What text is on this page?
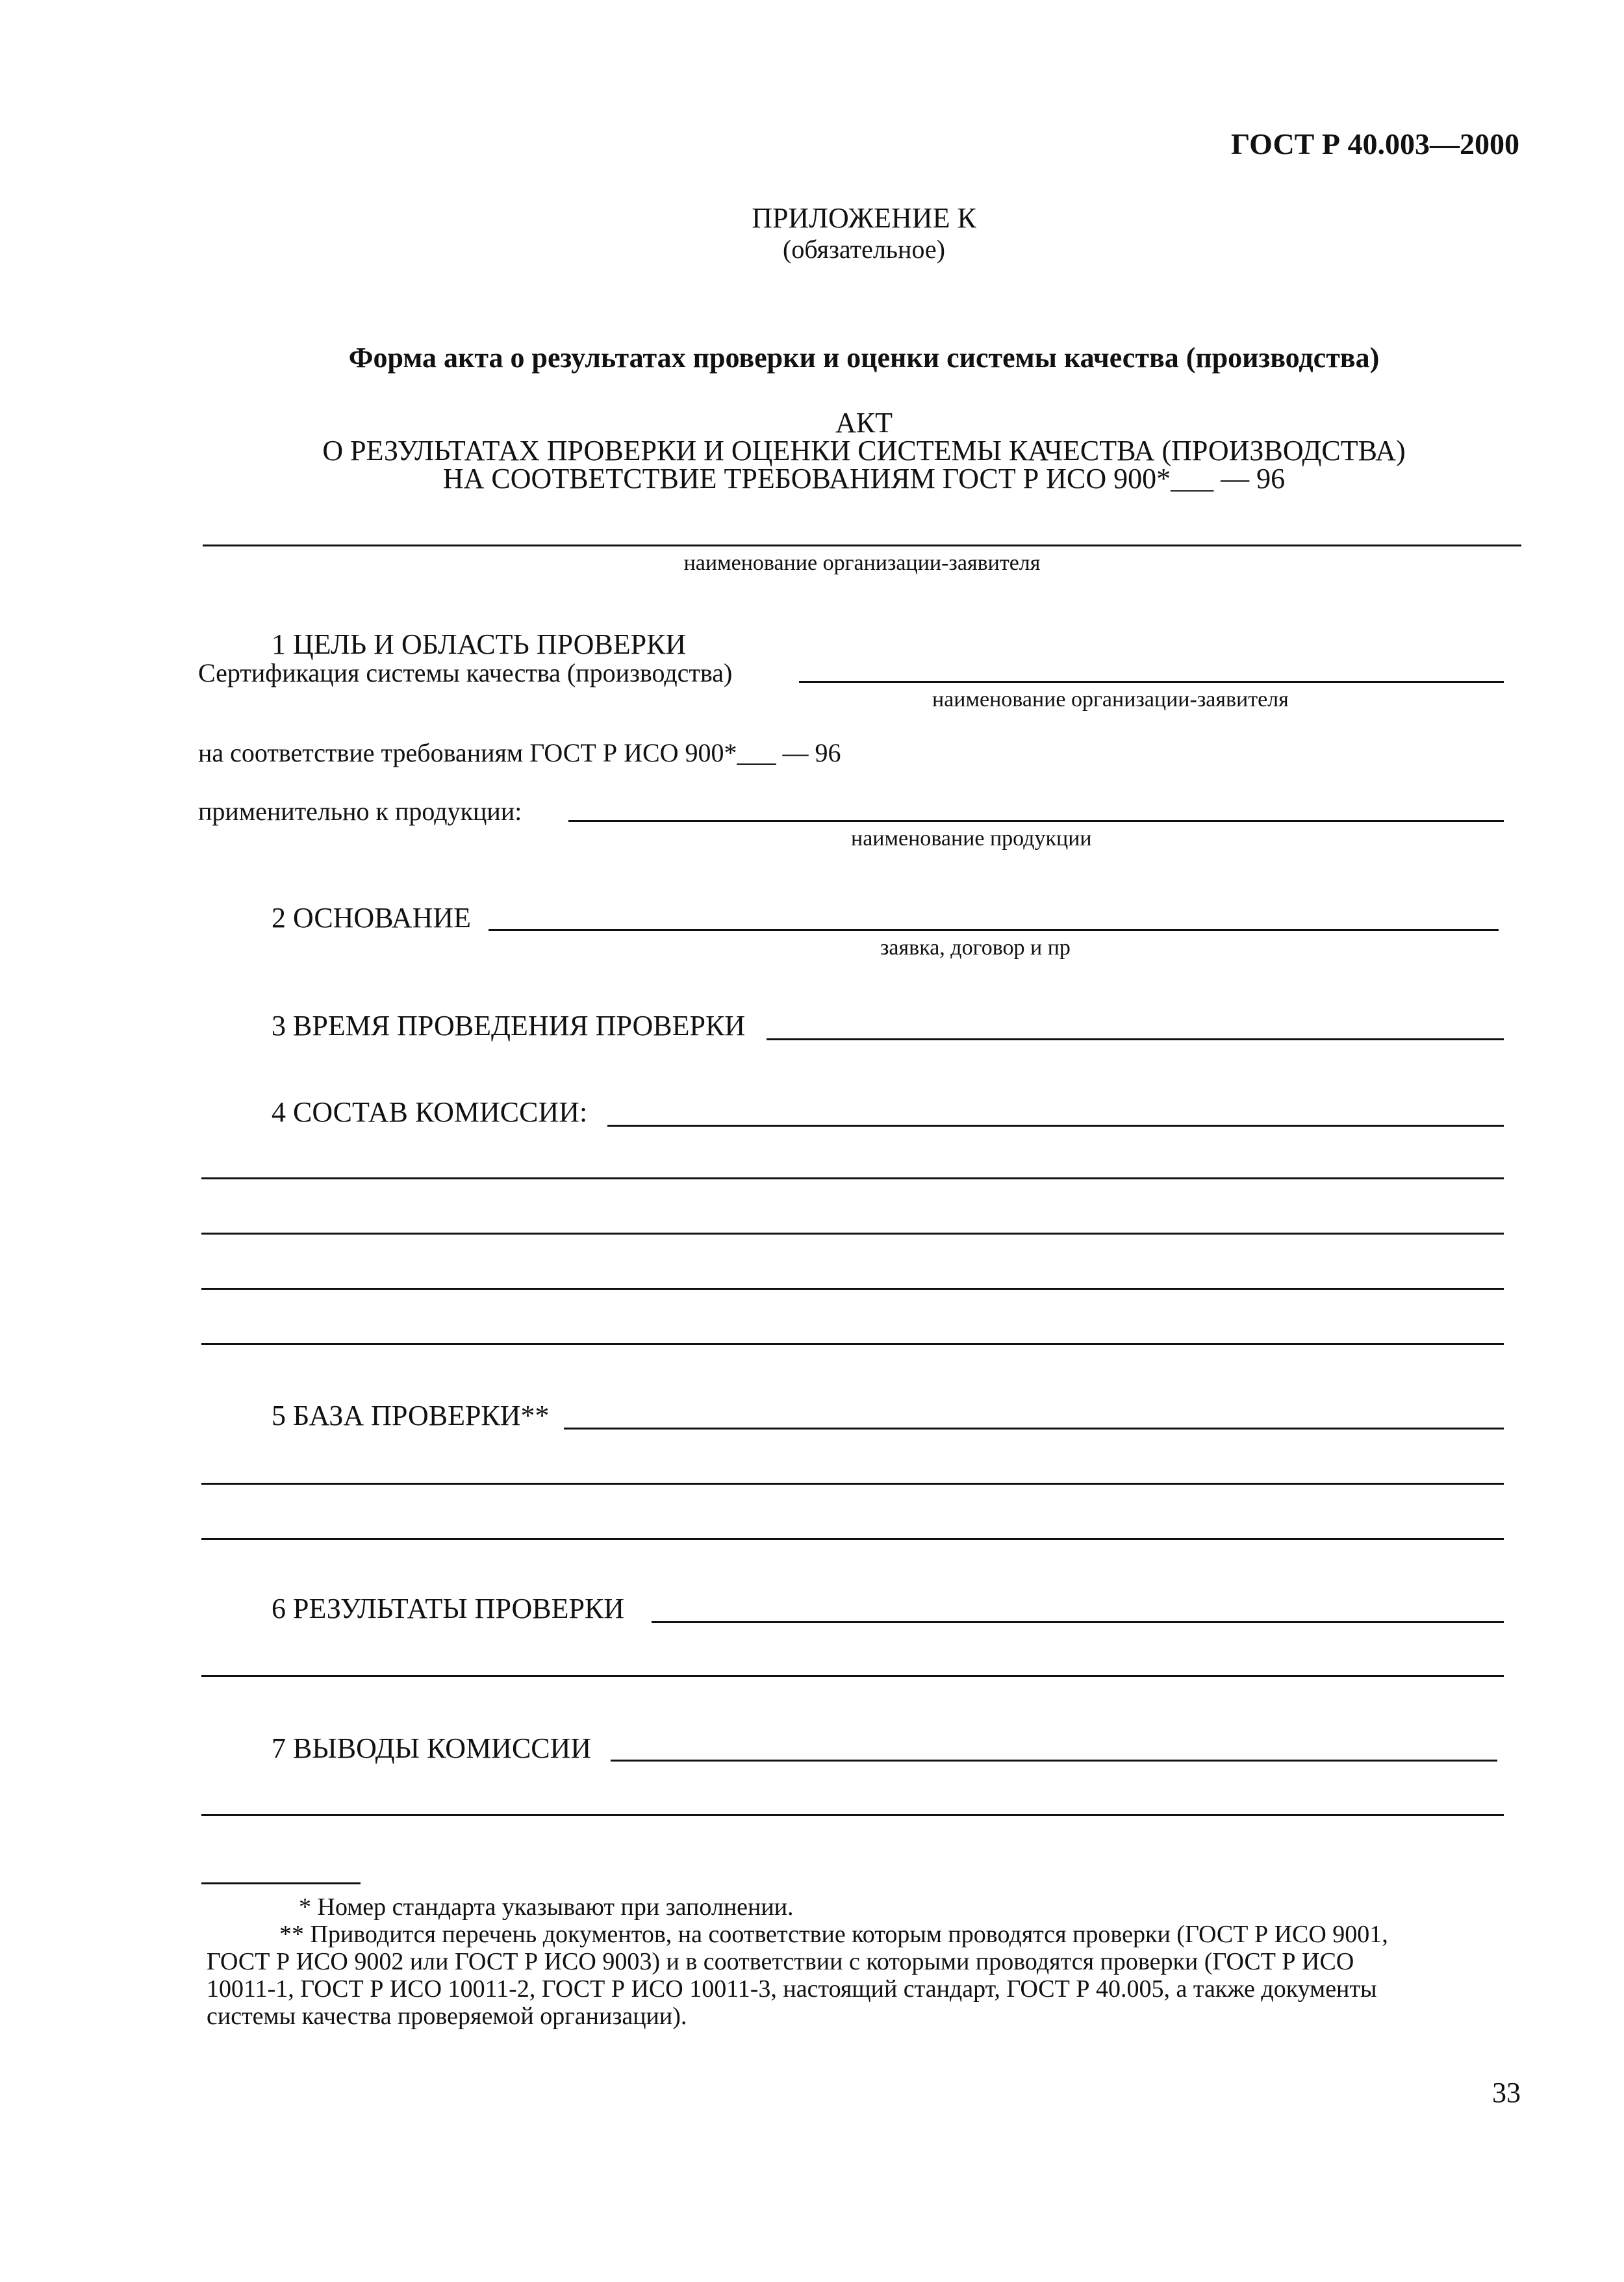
ГОСТ Р 40.003—2000
ПРИЛОЖЕНИЕ К
(обязательное)
Форма акта о результатах проверки и оценки системы качества (производства)
АКТ
О РЕЗУЛЬТАТАХ ПРОВЕРКИ И ОЦЕНКИ СИСТЕМЫ КАЧЕСТВА (ПРОИЗВОДСТВА)
НА СООТВЕТСТВИЕ ТРЕБОВАНИЯМ ГОСТ Р ИСО 900*___ — 96
наименование организации-заявителя
1 ЦЕЛЬ И ОБЛАСТЬ ПРОВЕРКИ
Сертификация системы качества (производства)
наименование организации-заявителя
на соответствие требованиям ГОСТ Р ИСО 900*___ — 96
применительно к продукции:
наименование продукции
2 ОСНОВАНИЕ
заявка, договор и пр
3 ВРЕМЯ ПРОВЕДЕНИЯ ПРОВЕРКИ
4 СОСТАВ КОМИССИИ:
5 БАЗА ПРОВЕРКИ**
6 РЕЗУЛЬТАТЫ ПРОВЕРКИ
7 ВЫВОДЫ КОМИССИИ
* Номер стандарта указывают при заполнении.
** Приводится перечень документов, на соответствие которым проводятся проверки (ГОСТ Р ИСО 9001,
ГОСТ Р ИСО 9002 или ГОСТ Р ИСО 9003) и в соответствии с которыми проводятся проверки (ГОСТ Р ИСО
10011-1, ГОСТ Р ИСО 10011-2, ГОСТ Р ИСО 10011-3, настоящий стандарт, ГОСТ Р 40.005, а также документы
системы качества проверяемой организации).
33
